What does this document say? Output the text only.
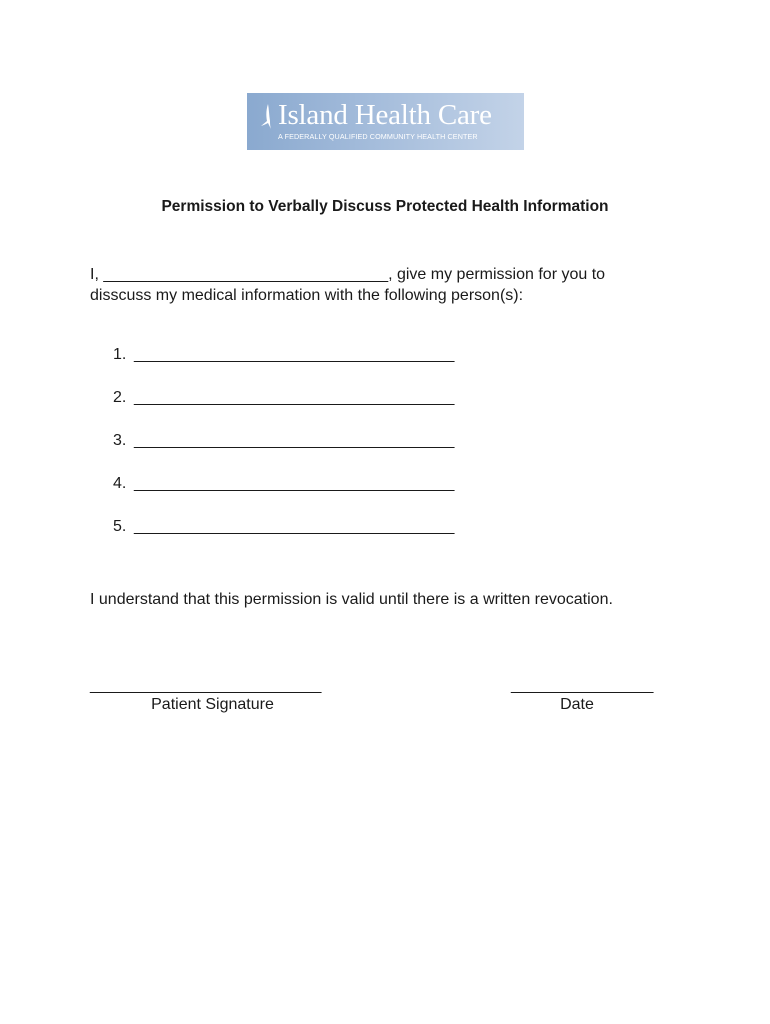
Island Health Care
A FEDERALLY QUALIFIED COMMUNITY HEALTH CENTER
Permission to Verbally Discuss Protected Health Information
I, ________________________________, give my permission for you to
disscuss my medical information with the following person(s):
1. ____________________________________
2. ____________________________________
3. ____________________________________
4. ____________________________________
5. ____________________________________
I understand that this permission is valid until there is a written revocation.
__________________________
Patient Signature
________________
Date
